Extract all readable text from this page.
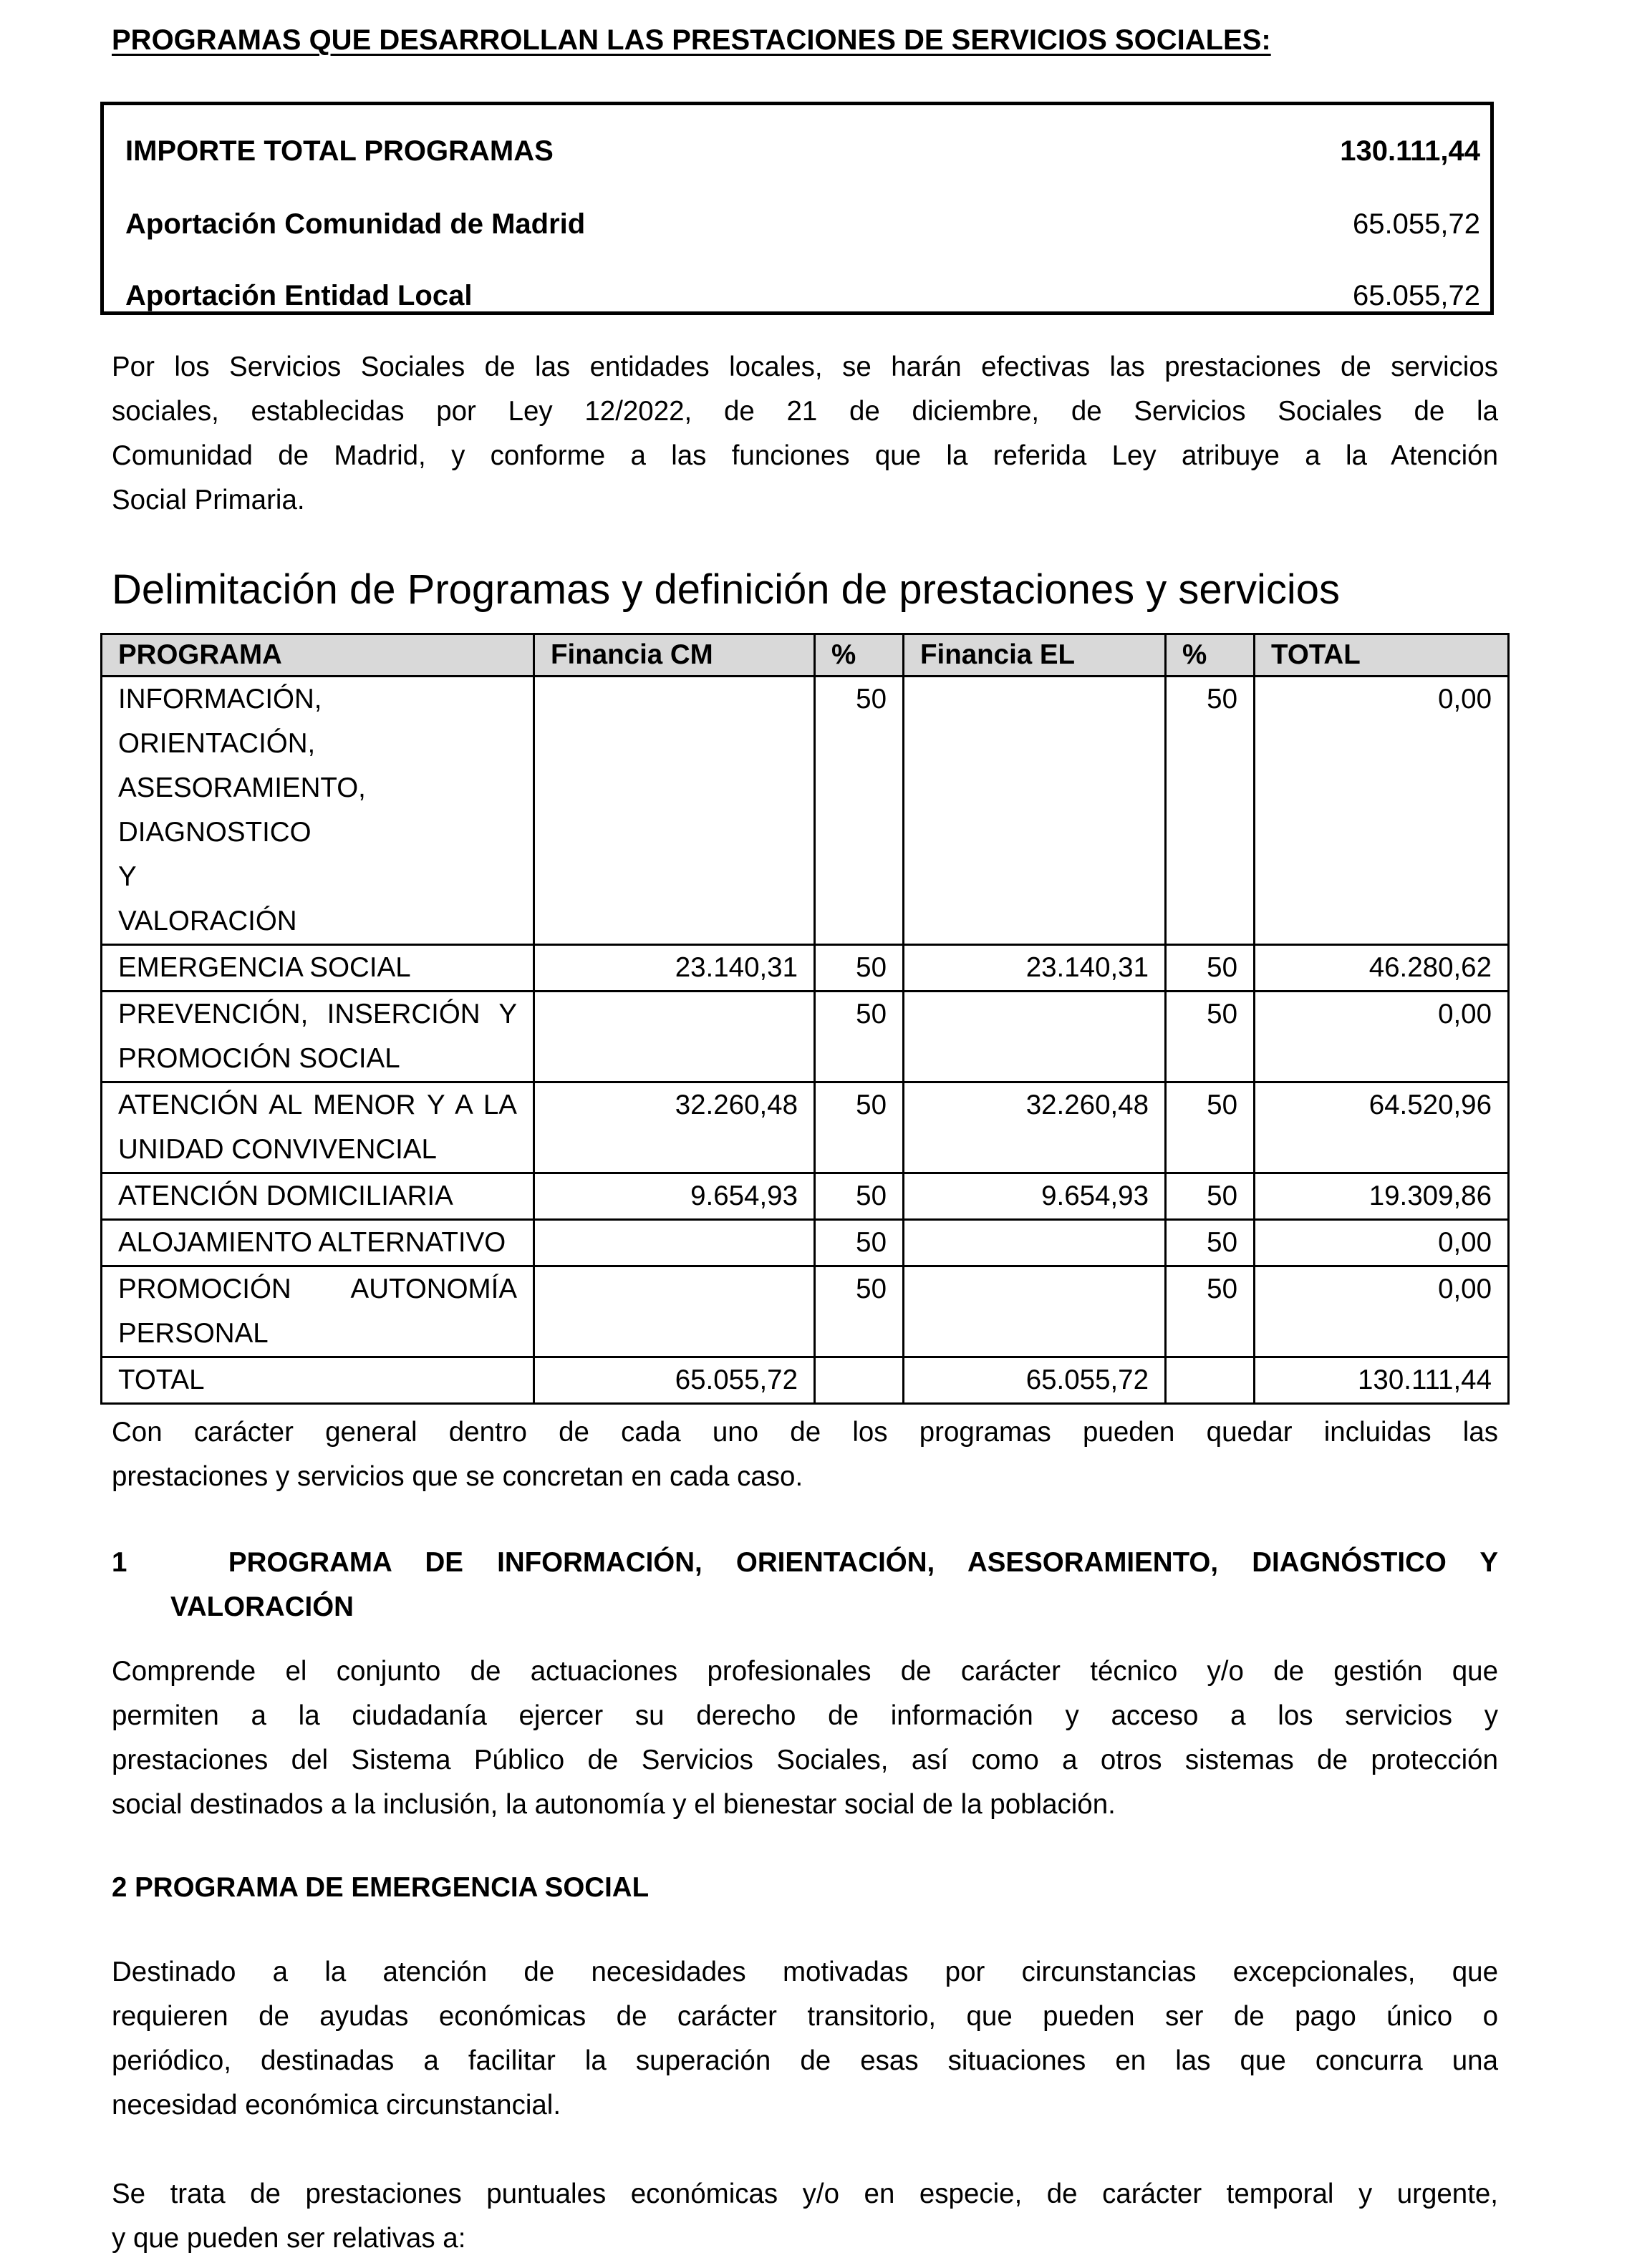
PROGRAMAS QUE DESARROLLAN LAS PRESTACIONES DE SERVICIOS SOCIALES:
IMPORTE TOTAL PROGRAMAS	130.111,44
Aportación Comunidad de Madrid	65.055,72
Aportación Entidad Local	65.055,72
Por los Servicios Sociales de las entidades locales, se harán efectivas las prestaciones de servicios
sociales, establecidas por Ley 12/2022, de 21 de diciembre, de Servicios Sociales de la
Comunidad de Madrid, y conforme a las funciones que la referida Ley atribuye a la Atención
Social Primaria.
Delimitación de Programas y definición de prestaciones y servicios
PROGRAMA	Financia CM	%	Financia EL	%	TOTAL
INFORMACIÓN, ORIENTACIÓN, ASESORAMIENTO, DIAGNOSTICO Y VALORACIÓN		50		50	0,00
EMERGENCIA SOCIAL	23.140,31	50	23.140,31	50	46.280,62
PREVENCIÓN, INSERCIÓN Y PROMOCIÓN SOCIAL		50		50	0,00
ATENCIÓN AL MENOR Y A LA UNIDAD CONVIVENCIAL	32.260,48	50	32.260,48	50	64.520,96
ATENCIÓN DOMICILIARIA	9.654,93	50	9.654,93	50	19.309,86
ALOJAMIENTO ALTERNATIVO		50		50	0,00
PROMOCIÓN AUTONOMÍA PERSONAL		50		50	0,00
TOTAL	65.055,72		65.055,72		130.111,44
Con carácter general dentro de cada uno de los programas pueden quedar incluidas las
prestaciones y servicios que se concretan en cada caso.
1   PROGRAMA DE INFORMACIÓN, ORIENTACIÓN, ASESORAMIENTO, DIAGNÓSTICO Y
VALORACIÓN
Comprende el conjunto de actuaciones profesionales de carácter técnico y/o de gestión que
permiten a la ciudadanía ejercer su derecho de información y acceso a los servicios y
prestaciones del Sistema Público de Servicios Sociales, así como a otros sistemas de protección
social destinados a la inclusión, la autonomía y el bienestar social de la población.
2 PROGRAMA DE EMERGENCIA SOCIAL
Destinado a la atención de necesidades motivadas por circunstancias excepcionales, que
requieren de ayudas económicas de carácter transitorio, que pueden ser de pago único o
periódico, destinadas a facilitar la superación de esas situaciones en las que concurra una
necesidad económica circunstancial.
Se trata de prestaciones puntuales económicas y/o en especie, de carácter temporal y urgente,
y que pueden ser relativas a:
